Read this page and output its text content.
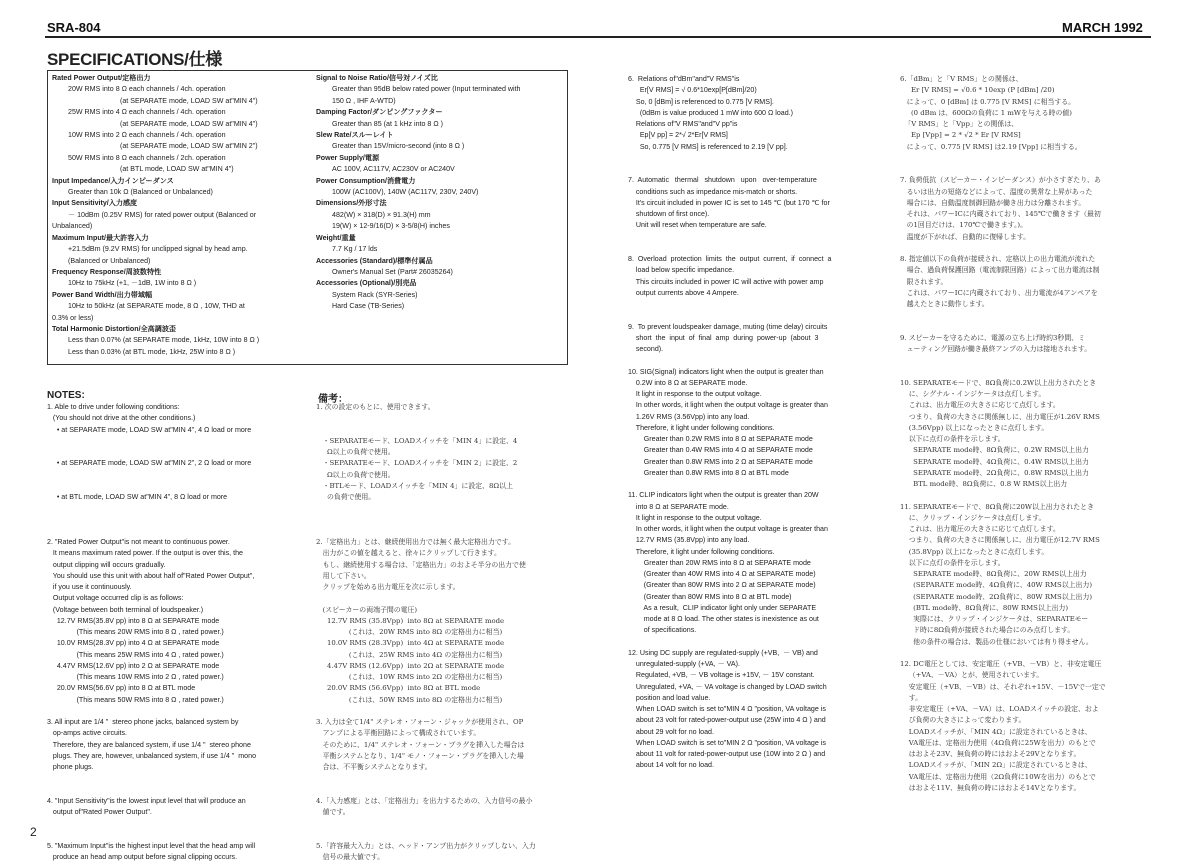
SRA-804	MARCH 1992
SPECIFICATIONS/仕様
Rated Power Output/定格出力
20W RMS into 8 Ω each channels / 4ch. operation
(at SEPARATE mode, LOAD SW at"MIN 4")
25W RMS into 4 Ω each channels / 4ch. operation
(at SEPARATE mode, LOAD SW at"MIN 4")
10W RMS into 2 Ω each channels / 4ch. operation
(at SEPARATE mode, LOAD SW at"MIN 2")
50W RMS into 8 Ω each channels / 2ch. operation
(at BTL mode, LOAD SW at"MIN 4")
Input Impedance/入力インピーダンス
Greater than 10k Ω (Balanced or Unbalanced)
Input Sensitivity/入力感度
－ 10dBm (0.25V RMS) for rated power output (Balanced or
Unbalanced)
Maximum Input/最大許容入力
+21.5dBm (9.2V RMS) for unclipped signal by head amp.
(Balanced or Unbalanced)
Frequency Response/周波数特性
10Hz to 75kHz (+1, －1dB, 1W into 8 Ω )
Power Band Width/出力帯域幅
10Hz to 50kHz (at SEPARATE mode, 8 Ω , 10W, THD at
0.3% or less)
Total Harmonic Distortion/全高調波歪
Less than 0.07% (at SEPARATE mode, 1kHz, 10W into 8 Ω )
Less than 0.03% (at BTL mode, 1kHz, 25W into 8 Ω )
Signal to Noise Ratio/信号対ノイズ比
Greater than 95dB below rated power (Input terminated with
150 Ω , IHF A-WTD)
Damping Factor/ダンピングファクター
Greater than 85 (at 1 kHz into 8 Ω )
Slew Rate/スルーレイト
Greater than 15V/micro-second (into 8 Ω )
Power Supply/電源
AC 100V, AC117V, AC230V or AC240V
Power Consumption/消費電力
100W (AC100V), 140W (AC117V, 230V, 240V)
Dimensions/外形寸法
482(W) × 318(D) × 91.3(H) mm
19(W) × 12-9/16(D) × 3-5/8(H) inches
Weight/重量
7.7 Kg / 17 lds
Accessories (Standard)/標準付属品
Owner's Manual Set (Part# 26035264)
Accessories (Optional)/別売品
System Rack (SYR-Series)
Hard Case (TB-Series)
NOTES:	備考：
1. Able to drive under following conditions:
(You should not drive at the other conditions.)
• at SEPARATE mode, LOAD SW at"MIN 4", 4 Ω load or more

• at SEPARATE mode, LOAD SW at"MIN 2", 2 Ω load or more

• at BTL mode, LOAD SW at"MIN 4", 8 Ω load or more

2. "Rated Power Output"is not meant to continuous power.
It means maximum rated power. If the output is over this, the
output clipping will occurs gradually.
You should use this unit with about half of"Rated Power Output",
if you use it continuously.
Output voltage occurred clip is as follows:
(Voltage between both terminal of loudspeaker.)
12.7V RMS(35.8V pp) into 8 Ω at SEPARATE mode
(This means 20W RMS into 8 Ω , rated power.)
10.0V RMS(28.3V pp) into 4 Ω at SEPARATE mode
(This means 25W RMS into 4 Ω , rated power.)
4.47V RMS(12.6V pp) into 2 Ω at SEPARATE mode
(This means 10W RMS into 2 Ω , rated power.)
20.0V RMS(56.6V pp) into 8 Ω at BTL mode
(This means 50W RMS into 8 Ω , rated power.)

3. All input are 1/4 "  stereo phone jacks, balanced system by
op-amps active circuits.
Therefore, they are balanced system, if use 1/4 "  stereo phone
plugs. They are, however, unbalanced system, if use 1/4 "  mono
phone plugs.

4. "Input Sensitivity"is the lowest input level that will produce an
output of"Rated Power Output".

5. "Maximum Input"is the highest input level that the head amp will
produce an head amp output before signal clipping occurs.
1. 次の設定のもとに、使用できます。

・SEPARATEモード、LOADスイッチを「MIN 4」に設定、4
Ω以上の負荷で使用。
・SEPARATEモード、LOADスイッチを「MIN 2」に設定、2
Ω以上の負荷で使用。
・BTLモード、LOADスイッチを「MIN 4」に設定、8Ω以上
の負荷で使用。

2.「定格出力」とは、継続使用出力では無く最大定格出力です。
出力がこの値を越えると、徐々にクリップして行きます。
もし、継続使用する場合は、「定格出力」のおよそ半分の出力で使
用して下さい。
クリップを始める出力電圧を次に示します。

(スピーカーの両端子間の電圧)
12.7V RMS (35.8Vpp)  into 8Ω at SEPARATE mode
(これは、20W RMS into 8Ω の定格出力に相当)
10.0V RMS (28.3Vpp)  into 4Ω at SEPARATE mode
(これは、25W RMS into 4Ω の定格出力に相当)
4.47V RMS (12.6Vpp)  into 2Ω at SEPARATE mode
(これは、10W RMS into 2Ω の定格出力に相当)
20.0V RMS (56.6Vpp)  into 8Ω at BTL mode
(これは、50W RMS into 8Ω の定格出力に相当)

3. 入力は全て1/4" ステレオ・フォーン・ジャックが使用され、OP
アンプによる平衡回路によって構成されています。
そのために、1/4" ステレオ・フォーン・プラグを挿入した場合は
平衡システムとなり、1/4" モノ・フォーン・プラグを挿入した場
合は、不平衡システムとなります。

4.「入力感度」とは、「定格出力」を出力するための、入力信号の最小
値です。

5.「許容最大入力」とは、ヘッド・アンプ出力がクリップしない、入力
信号の最大値です。
6.  Relations of"dBm"and"V RMS"is
Er[V RMS] = √ 0.6*10exp[P[dBm]/20)
So, 0 [dBm] is referenced to 0.775 [V RMS].
(0dBm is value produced 1 mW into 600 Ω load.)
Relations of"V RMS"and"V pp"is
Ep[V pp] = 2*√ 2*Er[V RMS]
So, 0.775 [V RMS] is referenced to 2.19 [V pp].

7.  Automatic   thermal   shutdown   upon   over-temperature
conditions such as impedance mis-match or shorts.
It's circuit included in power IC is set to 145 ℃ (but 170 ℃ for
shutdown of first once).
Unit will reset when temperature are safe.

8.  Overload  protection  limits  the  output  current,  if  connect  a
load below specific impedance.
This circuits included in power IC will active with power amp
output currents above 4 Ampere.

9.  To prevent loudspeaker damage, muting (time delay) circuits
short  the  input  of  final  amp  during  power-up  (about  3
second).

10. SIG(Signal) indicators light when the output is greater than
0.2W into 8 Ω at SEPARATE mode.
It light in response to the output voltage.
In other words, it light when the output voltage is greater than
1.26V RMS (3.56Vpp) into any load.
Therefore, it light under following conditions.
Greater than 0.2W RMS into 8 Ω at SEPARATE mode
Greater than 0.4W RMS into 4 Ω at SEPARATE mode
Greater than 0.8W RMS into 2 Ω at SEPARATE mode
Greater than 0.8W RMS into 8 Ω at BTL mode

11. CLIP indicators light when the output is greater than 20W
into 8 Ω at SEPARATE mode.
It light in response to the output voltage.
In other words, it light when the output voltage is greater than
12.7V RMS (35.8Vpp) into any load.
Therefore, it light under following conditions.
Greater than 20W RMS into 8 Ω at SEPARATE mode
(Greater than 40W RMS into 4 Ω at SEPARATE mode)
(Greater than 80W RMS into 2 Ω at SEPARATE mode)
(Greater than 80W RMS into 8 Ω at BTL mode)
As a result,  CLIP indicator light only under SEPARATE
mode at 8 Ω load. The other states is inexistence as out
of specifications.

12. Using DC supply are regulated-supply (+VB,  － VB) and
unregulated-supply (+VA, － VA).
Regulated, +VB, － VB voltage is +15V, － 15V constant.
Unregulated, +VA, － VA voltage is changed by LOAD switch
position and load value.
When LOAD switch is set to"MIN 4 Ω "position, VA voltage is
about 23 volt for rated-power-output use (25W into 4 Ω ) and
about 29 volt for no load.
When LOAD switch is set to"MIN 2 Ω "position, VA voltage is
about 11 volt for rated-power-output use (10W into 2 Ω ) and
about 14 volt for no load.
6.「dBm」と「V RMS」との関係は、
Er [V RMS] = √0.6 * 10exp (P [dBm] /20)
によって、0 [dBm] は 0.775 [V RMS] に相当する。
(0 dBm は、600Ωの負荷に 1 mWを与える時の値)
「V RMS」と「Vpp」との関係は、
Ep [Vpp] = 2 * √2 * Er [V RMS]
によって、0.775 [V RMS] は2.19 [Vpp] に相当する。

7. 負荷低抗（スピーカー・インピーダンス）が小さすぎたり、あ
るいは出力の短絡などによって、温度の異常な上昇があった
場合には、自動温度制御回路が働き出力は分離されます。
それは、パワーICに内蔵されており、145℃で働きます（最初
の1回目だけは、170℃で働きます。)。
温度が下がれば、自動的に復帰します。

8. 指定値以下の負荷が接続され、定格以上の出力電流が流れた
場合、過負荷保護回路（電流制限回路）によって出力電流は制
限されます。
これは、パワーICに内蔵されており、出力電流が4アンペアを
越えたときに動作します。

9. スピーカーを守るために、電源の立ち上げ時約3秒間、ミ
ューティング回路が働き最終アンプの入力は接地されます。

10. SEPARATEモードで、8Ω負荷に0.2W以上出力されたとき
に、シグナル・インジケータは点灯します。
これは、出力電圧の大きさに応じて点灯します。
つまり、負荷の大きさに関係無しに、出力電圧が1.26V RMS
(3.56Vpp) 以上になったときに点灯します。
以下に点灯の条件を示します。
SEPARATE mode時、8Ω負荷に、0.2W RMS以上出力
SEPARATE mode時、4Ω負荷に、0.4W RMS以上出力
SEPARATE mode時、2Ω負荷に、0.8W RMS以上出力
BTL mode時、8Ω負荷に、0.8 W RMS以上出力

11. SEPARATEモードで、8Ω負荷に20W以上出力されたとき
に、クリップ・インジケータは点灯します。
これは、出力電圧の大きさに応じて点灯します。
つまり、負荷の大きさに関係無しに、出力電圧が12.7V RMS
(35.8Vpp) 以上になったときに点灯します。
以下に点灯の条件を示します。
SEPARATE mode時、8Ω負荷に、20W RMS以上出力
(SEPARATE mode時、4Ω負荷に、40W RMS以上出力)
(SEPARATE mode時、2Ω負荷に、80W RMS以上出力)
(BTL mode時、8Ω負荷に、80W RMS以上出力)
実際には、クリップ・インジケータは、SEPARATEモー
ド時に8Ω負荷が接続された場合にのみ点灯します。
他の条件の場合は、製品の仕様においては有り得ません。

12. DC電圧としては、安定電圧（+VB、－VB）と、非安定電圧
（+VA、－VA）とが、使用されています。
安定電圧（+VB、－VB）は、それぞれ+15V、－15Vで一定で
す。
非安定電圧（+VA、－VA）は、LOADスイッチの設定、およ
び負荷の大きさによって変わります。
LOADスイッチが、「MIN 4Ω」に設定されているときは、
VA電圧は、定格出力使用（4Ω負荷に25Wを出力）のもとで
はおよそ23V、無負荷の時にはおよそ29Vとなります。
LOADスイッチが、「MIN 2Ω」に設定されているときは、
VA電圧は、定格出力使用（2Ω負荷に10Wを出力）のもとで
はおよそ11V、無負荷の時にはおよそ14Vとなります。
2
